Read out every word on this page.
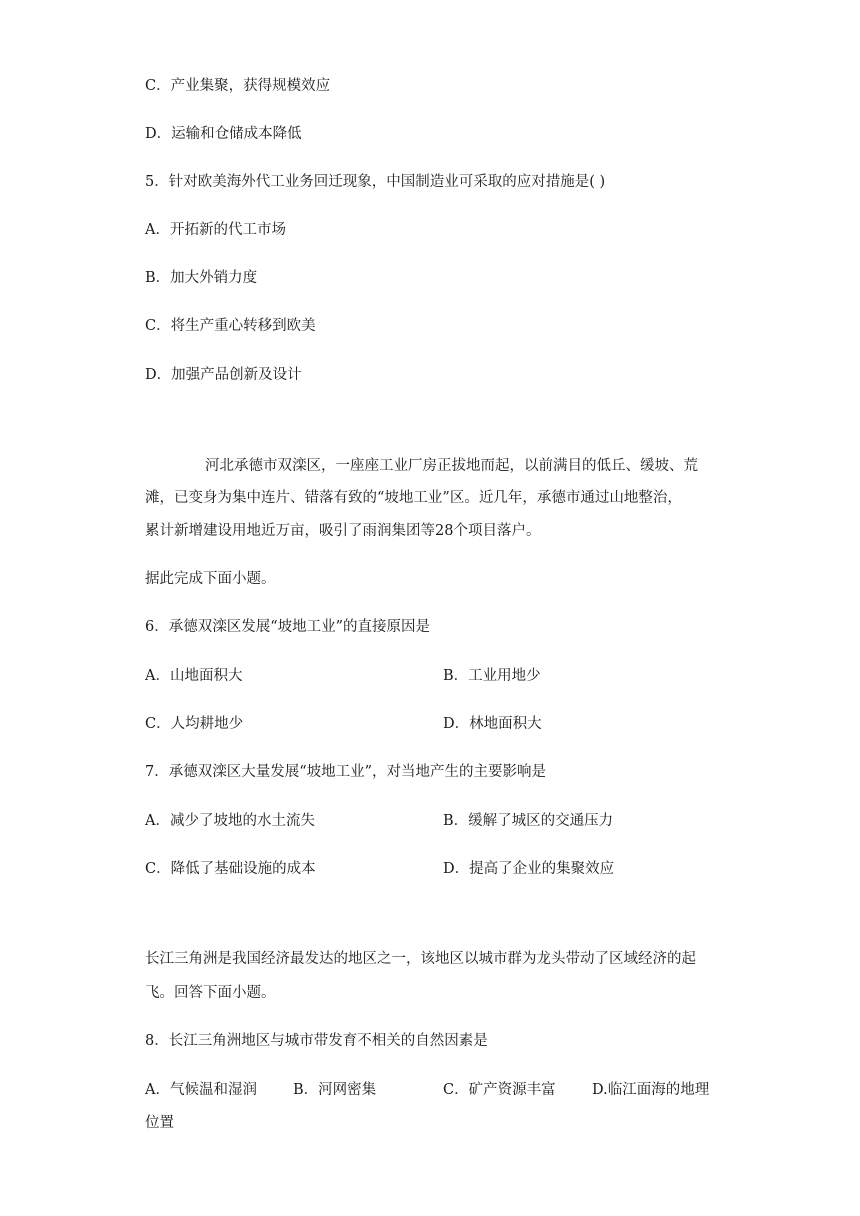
C．产业集聚，获得规模效应
D．运输和仓储成本降低
5．针对欧美海外代工业务回迁现象，中国制造业可采取的应对措施是( )
A．开拓新的代工市场
B．加大外销力度
C．将生产重心转移到欧美
D．加强产品创新及设计
河北承德市双滦区，一座座工业厂房正拔地而起，以前满目的低丘、缓坡、荒
滩，已变身为集中连片、错落有致的“坡地工业”区。近几年，承德市通过山地整治，
累计新增建设用地近万亩，吸引了雨润集团等28个项目落户。
据此完成下面小题。
6．承德双滦区发展“坡地工业”的直接原因是
A．山地面积大	B．工业用地少
C．人均耕地少	D．林地面积大
7．承德双滦区大量发展“坡地工业”，对当地产生的主要影响是
A．减少了坡地的水土流失	B．缓解了城区的交通压力
C．降低了基础设施的成本	D．提高了企业的集聚效应
长江三角洲是我国经济最发达的地区之一，该地区以城市群为龙头带动了区域经济的起
飞。回答下面小题。
8．长江三角洲地区与城市带发育不相关的自然因素是
A．气候温和湿润 B．河网密集	C．矿产资源丰富	D.临江面海的地理
位置
